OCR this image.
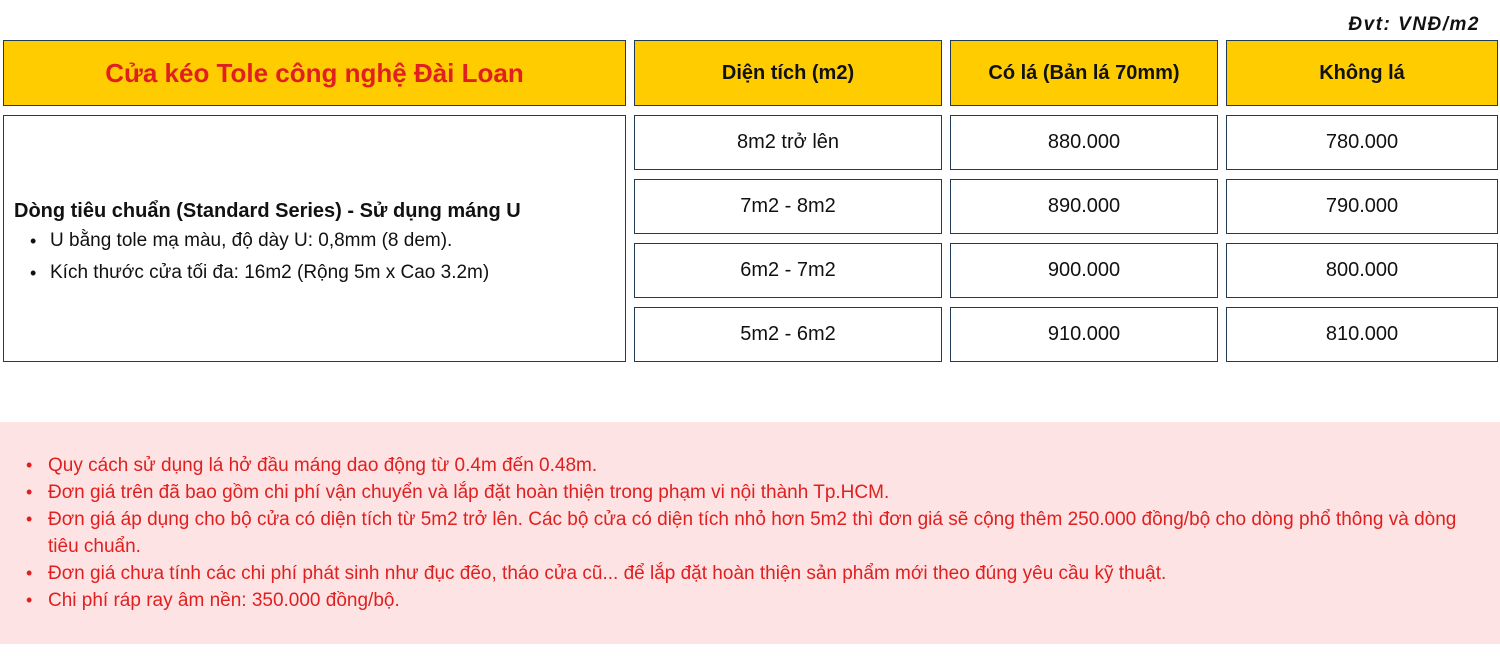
Đvt: VNĐ/m2
Cửa kéo Tole công nghệ Đài Loan	Diện tích (m2)	Có lá (Bản lá 70mm)	Không lá
Dòng tiêu chuẩn (Standard Series) - Sử dụng máng U
• U bằng tole mạ màu, độ dày U: 0,8mm (8 dem).
• Kích thước cửa tối đa: 16m2 (Rộng 5m x Cao 3.2m)
8m2 trở lên	880.000	780.000
7m2 - 8m2	890.000	790.000
6m2 - 7m2	900.000	800.000
5m2 - 6m2	910.000	810.000
• Quy cách sử dụng lá hở đầu máng dao động từ 0.4m đến 0.48m.
• Đơn giá trên đã bao gồm chi phí vận chuyển và lắp đặt hoàn thiện trong phạm vi nội thành Tp.HCM.
• Đơn giá áp dụng cho bộ cửa có diện tích từ 5m2 trở lên. Các bộ cửa có diện tích nhỏ hơn 5m2 thì đơn giá sẽ cộng thêm 250.000 đồng/bộ cho dòng phổ thông và dòng tiêu chuẩn.
• Đơn giá chưa tính các chi phí phát sinh như đục đẽo, tháo cửa cũ... để lắp đặt hoàn thiện sản phẩm mới theo đúng yêu cầu kỹ thuật.
• Chi phí ráp ray âm nền: 350.000 đồng/bộ.
